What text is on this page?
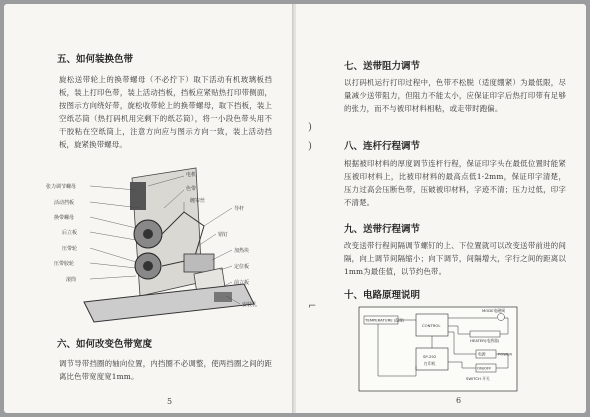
五、如何装换色带

旋松送带轮上的换带螺母（不必拧下）取下活动有机玻璃板挡板，装上打印色带，装上活动挡板，挡板应紧贴热打印带侧面，按图示方向绕好带，旋松收带轮上的换带螺母，取下挡板，装上空纸芯筒（热打码机用完剩下的纸芯筒），将一小段色带头用不干胶粘在空纸筒上，注意方向应与图示方向一致，装上活动挡板，旋紧换带螺母。

张力调节螺母
活动挡板
换带螺母
后立板
压带轮
压带胶轮
滚筒
电机
色带
缠帘丝
导杆
销钉
加热块
定位板
前立板
安装孔
六、如何改变色带宽度

调节导带挡圈的轴向位置，内挡圈不必调整，使两挡圈之间的距离比色带宽度宽1mm。

5
)
)
⌐
七、送带阻力调节

以打码机运行打印过程中，色带不松脱（适度绷紧）为最低限，尽量减少送带阻力，但阻力不能太小，应保证印字后热打印带有足够的张力，而不与被印材料相粘，或走带时跑偏。

八、连杆行程调节

根据被印材料的厚度调节连杆行程，保证印字头在最低位置时能紧压被印材料上，比被印材料的最高点低1-2mm，保证印字清楚，压力过高会压断色带，压破被印材料，字迹不清；压力过低，印字不清楚。

九、送带行程调节

改变送带行程间隔调节螺钉的上、下位置就可以改变送带前进的间隔，向上调节间隔缩小；向下调节，间隔增大，字行之间的距离以1mm为最佳值，以节约色带。

十、电路原理说明
TEMPERATURE (温度)
CONTROL
SP-292
打印机
MODE电磁阀
HEATER(电热器)
电源	POWER
ON/OFF
SWITCH 开关
6
